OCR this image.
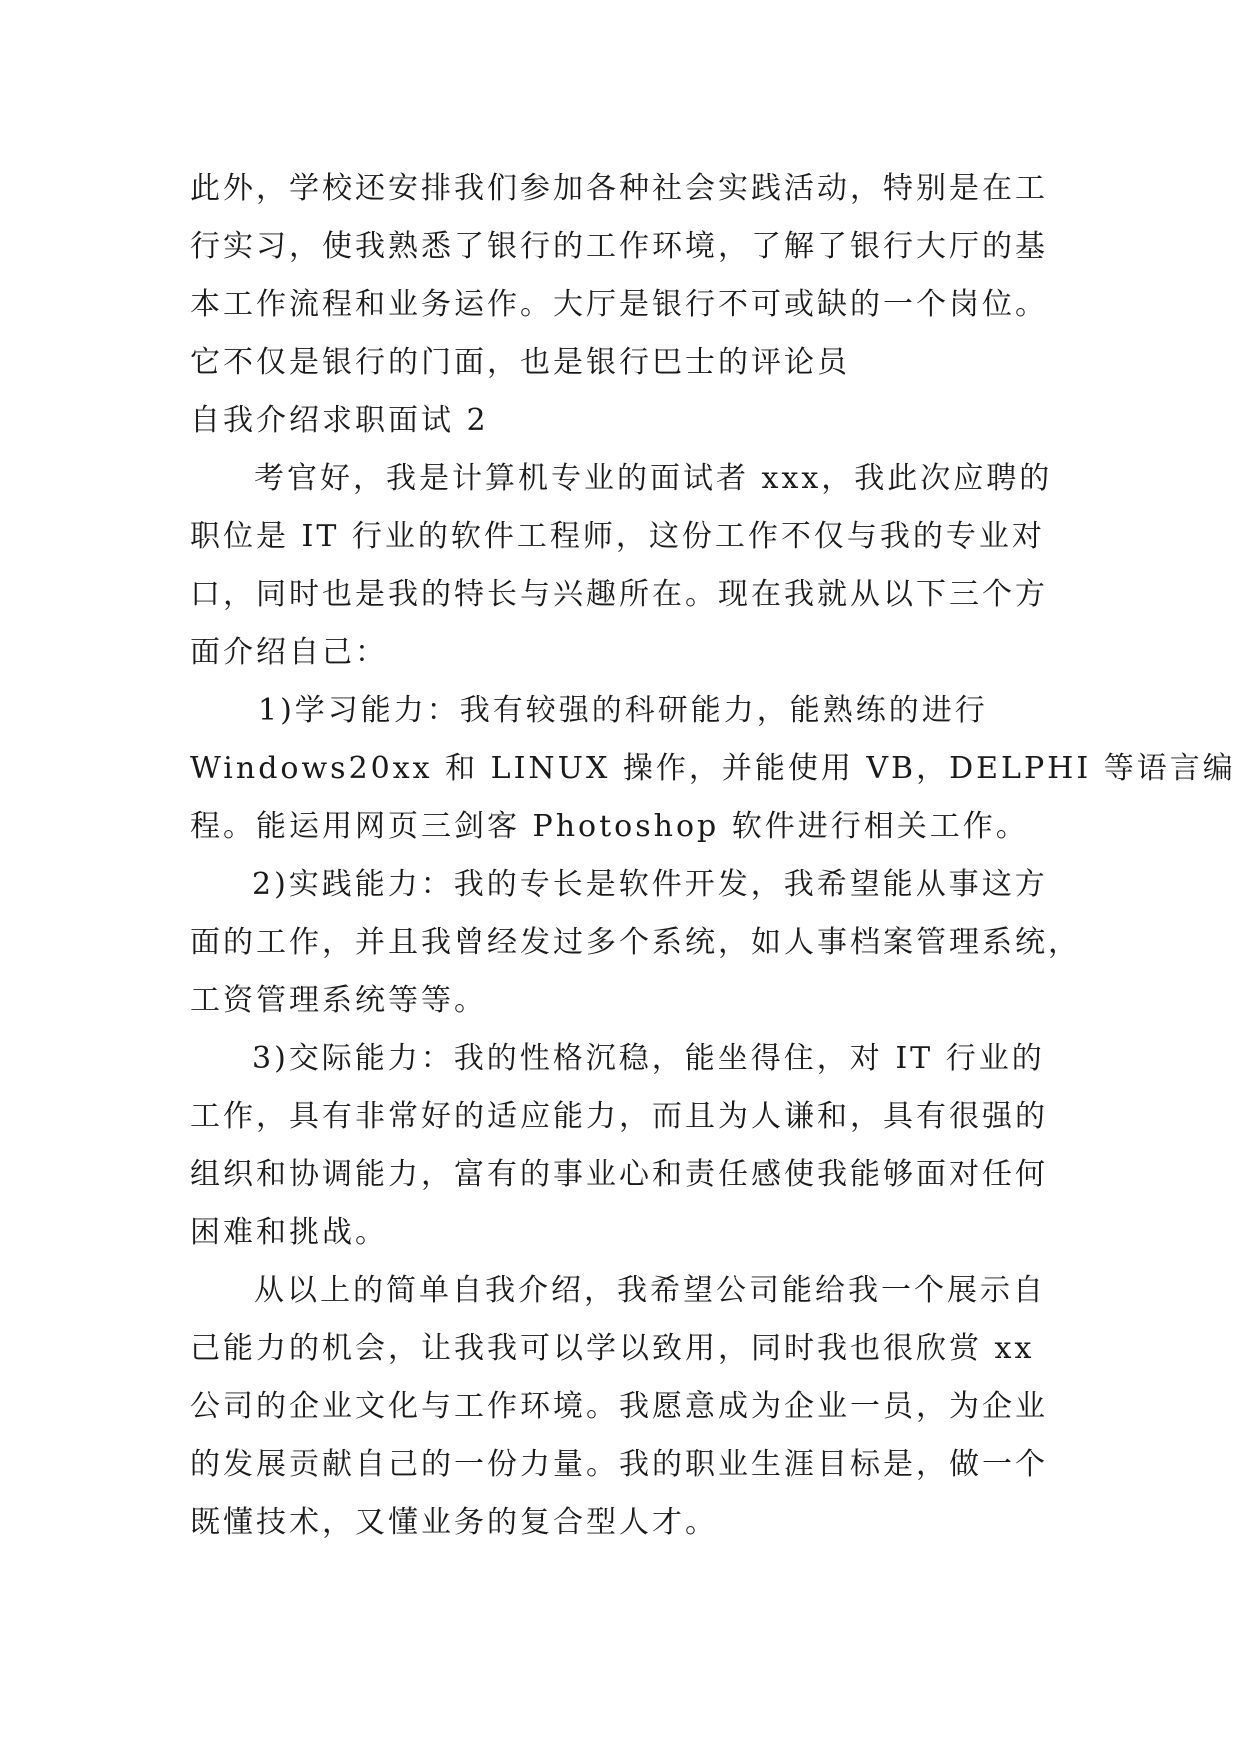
此外，学校还安排我们参加各种社会实践活动，特别是在工
行实习，使我熟悉了银行的工作环境，了解了银行大厅的基
本工作流程和业务运作。大厅是银行不可或缺的一个岗位。
它不仅是银行的门面，也是银行巴士的评论员
自我介绍求职面试 2
考官好，我是计算机专业的面试者 xxx，我此次应聘的
职位是 IT 行业的软件工程师，这份工作不仅与我的专业对
口，同时也是我的特长与兴趣所在。现在我就从以下三个方
面介绍自己：
1)学习能力：我有较强的科研能力，能熟练的进行
Windows20xx 和 LINUX 操作，并能使用 VB，DELPHI 等语言编
程。能运用网页三剑客 Photoshop 软件进行相关工作。
2)实践能力：我的专长是软件开发，我希望能从事这方
面的工作，并且我曾经发过多个系统，如人事档案管理系统，
工资管理系统等等。
3)交际能力：我的性格沉稳，能坐得住，对 IT 行业的
工作，具有非常好的适应能力，而且为人谦和，具有很强的
组织和协调能力，富有的事业心和责任感使我能够面对任何
困难和挑战。
从以上的简单自我介绍，我希望公司能给我一个展示自
己能力的机会，让我我可以学以致用，同时我也很欣赏 xx
公司的企业文化与工作环境。我愿意成为企业一员，为企业
的发展贡献自己的一份力量。我的职业生涯目标是，做一个
既懂技术，又懂业务的复合型人才。
